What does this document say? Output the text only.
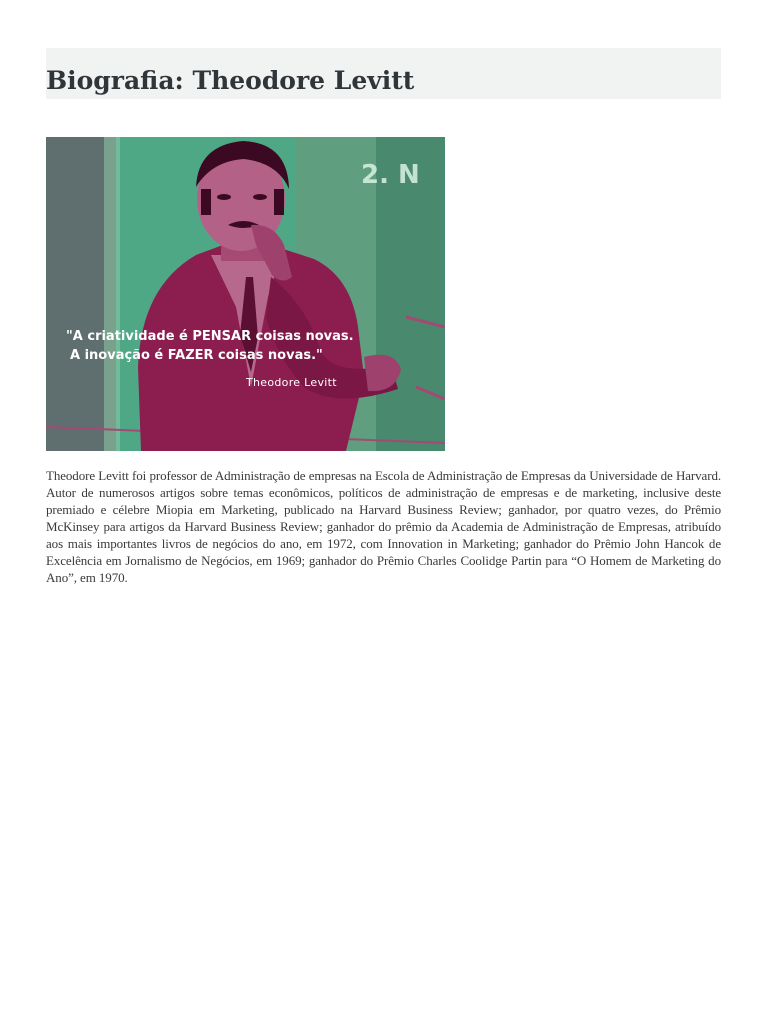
Biografia: Theodore Levitt
2. N
"A criatividade é PENSAR coisas novas.
A inovação é FAZER coisas novas."
Theodore Levitt

Theodore Levitt foi professor de Administração de empresas na Escola de Administração de Empresas da Universidade de Harvard. Autor de numerosos artigos sobre temas econômicos, políticos de administração de empresas e de marketing, inclusive deste premiado e célebre Miopia em Marketing, publicado na Harvard Business Review; ganhador, por quatro vezes, do Prêmio McKinsey para artigos da Harvard Business Review; ganhador do prêmio da Academia de Administração de Empresas, atribuído aos mais importantes livros de negócios do ano, em 1972, com Innovation in Marketing; ganhador do Prêmio John Hancok de Excelência em Jornalismo de Negócios, em 1969; ganhador do Prêmio Charles Coolidge Partin para “O Homem de Marketing do Ano”, em 1970.
